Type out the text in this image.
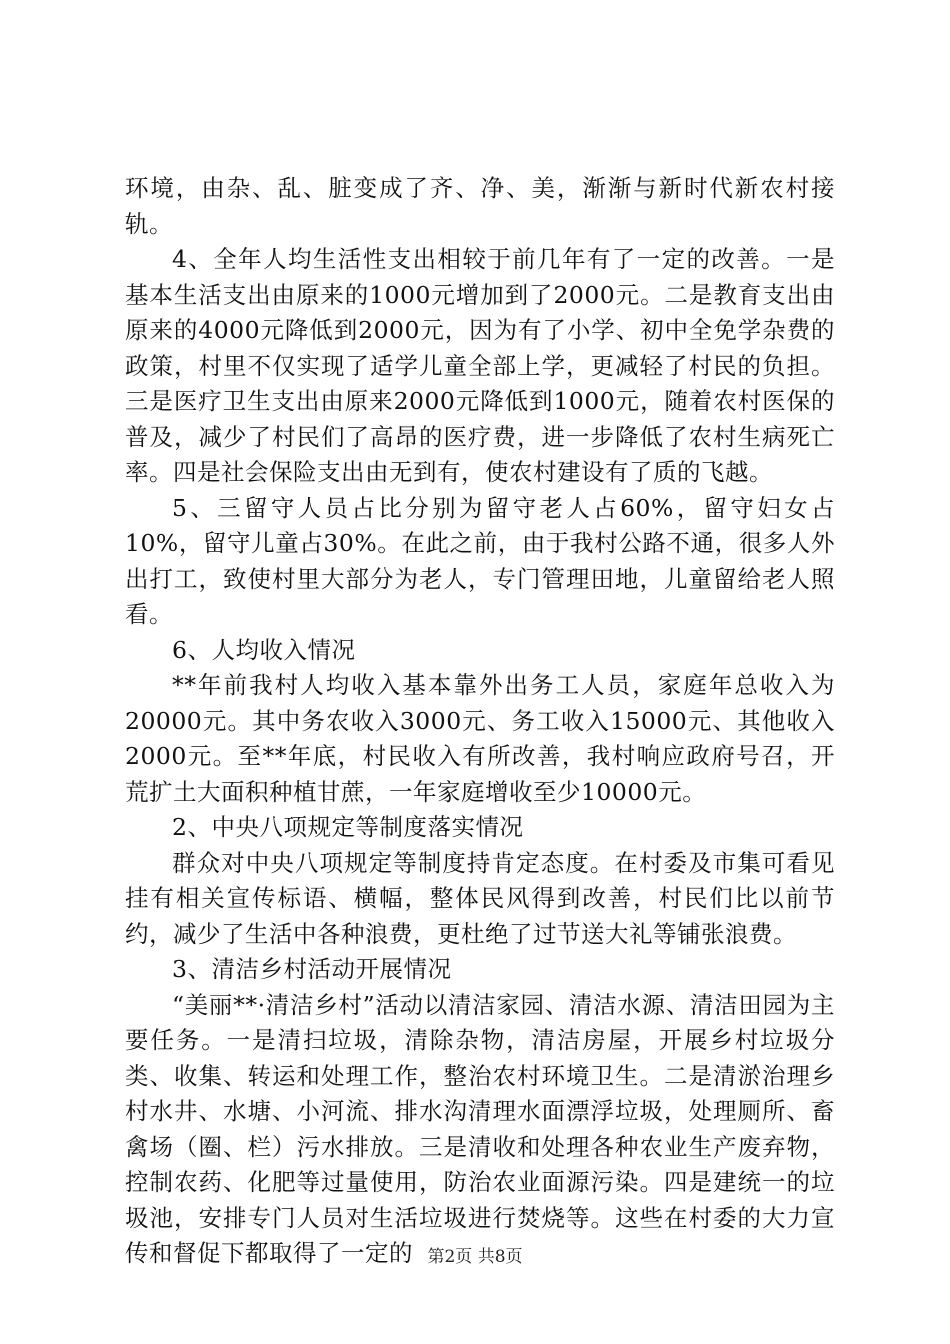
环境，由杂、乱、脏变成了齐、净、美，渐渐与新时代新农村接轨。

4、全年人均生活性支出相较于前几年有了一定的改善。一是基本生活支出由原来的1000元增加到了2000元。二是教育支出由原来的4000元降低到2000元，因为有了小学、初中全免学杂费的政策，村里不仅实现了适学儿童全部上学，更减轻了村民的负担。三是医疗卫生支出由原来2000元降低到1000元，随着农村医保的普及，减少了村民们了高昂的医疗费，进一步降低了农村生病死亡率。四是社会保险支出由无到有，使农村建设有了质的飞越。

5、三留守人员占比分别为留守老人占60%，留守妇女占10%，留守儿童占30%。在此之前，由于我村公路不通，很多人外出打工，致使村里大部分为老人，专门管理田地，儿童留给老人照看。

6、人均收入情况

**年前我村人均收入基本靠外出务工人员，家庭年总收入为20000元。其中务农收入3000元、务工收入15000元、其他收入2000元。至**年底，村民收入有所改善，我村响应政府号召，开荒扩土大面积种植甘蔗，一年家庭增收至少10000元。

2、中央八项规定等制度落实情况

群众对中央八项规定等制度持肯定态度。在村委及市集可看见挂有相关宣传标语、横幅，整体民风得到改善，村民们比以前节约，减少了生活中各种浪费，更杜绝了过节送大礼等铺张浪费。

3、清洁乡村活动开展情况

“美丽**·清洁乡村”活动以清洁家园、清洁水源、清洁田园为主要任务。一是清扫垃圾，清除杂物，清洁房屋，开展乡村垃圾分类、收集、转运和处理工作，整治农村环境卫生。二是清淤治理乡村水井、水塘、小河流、排水沟清理水面漂浮垃圾，处理厕所、畜禽场（圈、栏）污水排放。三是清收和处理各种农业生产废弃物，控制农药、化肥等过量使用，防治农业面源污染。四是建统一的垃圾池，安排专门人员对生活垃圾进行焚烧等。这些在村委的大力宣传和督促下都取得了一定的 第2页 共8页
